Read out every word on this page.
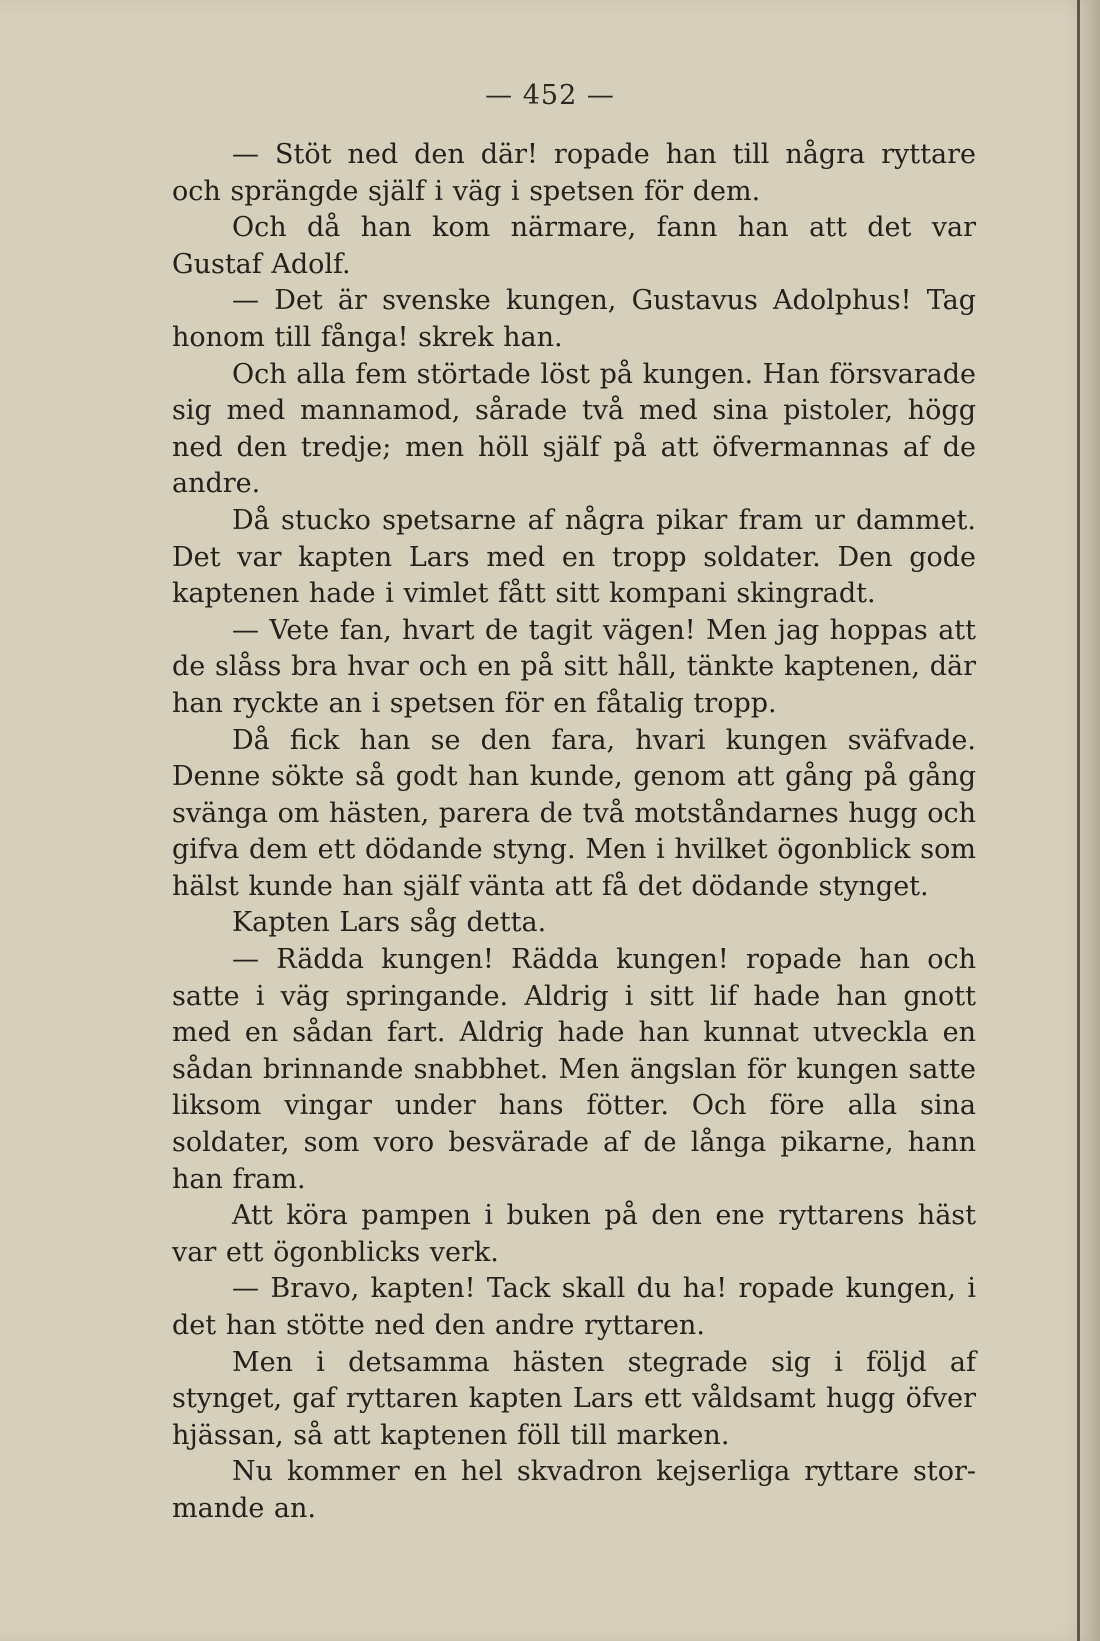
— 452 —

— Stöt ned den där! ropade han till några ryttare och sprängde själf i väg i spetsen för dem.

Och då han kom närmare, fann han att det var Gustaf Adolf.

— Det är svenske kungen, Gustavus Adolphus! Tag honom till fånga! skrek han.

Och alla fem störtade löst på kungen. Han försvarade sig med mannamod, sårade två med sina pistoler, högg ned den tredje; men höll själf på att öfvermannas af de andre.

Då stucko spetsarne af några pikar fram ur dammet. Det var kapten Lars med en tropp soldater. Den gode kaptenen hade i vimlet fått sitt kompani skingradt.

— Vete fan, hvart de tagit vägen! Men jag hoppas att de slåss bra hvar och en på sitt håll, tänkte kaptenen, där han ryckte an i spetsen för en fåtalig tropp.

Då fick han se den fara, hvari kungen sväfvade. Denne sökte så godt han kunde, genom att gång på gång svänga om hästen, parera de två motståndarnes hugg och gifva dem ett dödande styng. Men i hvilket ögonblick som hälst kunde han själf vänta att få det dödande stynget.

Kapten Lars såg detta.

— Rädda kungen! Rädda kungen! ropade han och satte i väg springande. Aldrig i sitt lif hade han gnott med en sådan fart. Aldrig hade han kunnat utveckla en sådan brinnande snabbhet. Men ängslan för kungen satte liksom vingar under hans fötter. Och före alla sina soldater, som voro besvärade af de långa pikarne, hann han fram.

Att köra pampen i buken på den ene ryttarens häst var ett ögonblicks verk.

— Bravo, kapten! Tack skall du ha! ropade kungen, i det han stötte ned den andre ryttaren.

Men i detsamma hästen stegrade sig i följd af stynget, gaf ryttaren kapten Lars ett våldsamt hugg öfver hjässan, så att kaptenen föll till marken.

Nu kommer en hel skvadron kejserliga ryttare stormande an.
